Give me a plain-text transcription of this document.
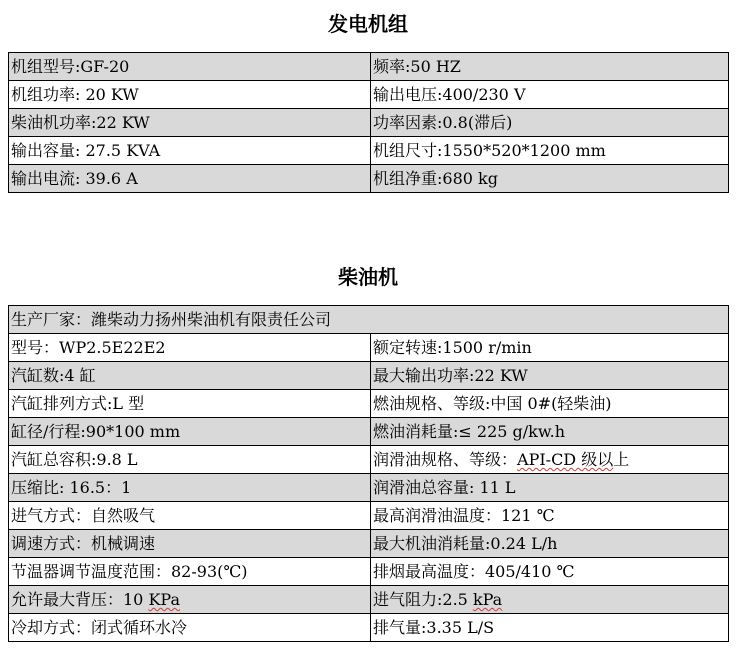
发电机组
机组型号:GF-20	频率:50 HZ
机组功率: 20 KW	输出电压:400/230 V
柴油机功率:22 KW	功率因素:0.8(滞后)
输出容量: 27.5 KVA	机组尺寸:1550*520*1200 mm
输出电流: 39.6 A	机组净重:680 kg
柴油机
生产厂家：潍柴动力扬州柴油机有限责任公司	
型号：WP2.5E22E2	额定转速:1500 r/min
汽缸数:4 缸	最大输出功率:22 KW
汽缸排列方式:L 型	燃油规格、等级:中国 0#(轻柴油)
缸径/行程:90*100 mm	燃油消耗量:≤ 225 g/kw.h
汽缸总容积:9.8 L	润滑油规格、等级：API-CD 级以上
压缩比: 16.5：1	润滑油总容量: 11 L
进气方式：自然吸气	最高润滑油温度：121 ℃
调速方式：机械调速	最大机油消耗量:0.24 L/h
节温器调节温度范围：82-93(℃)	排烟最高温度：405/410 ℃
允许最大背压：10 KPa	进气阻力:2.5 kPa
冷却方式：闭式循环水冷	排气量:3.35 L/S
